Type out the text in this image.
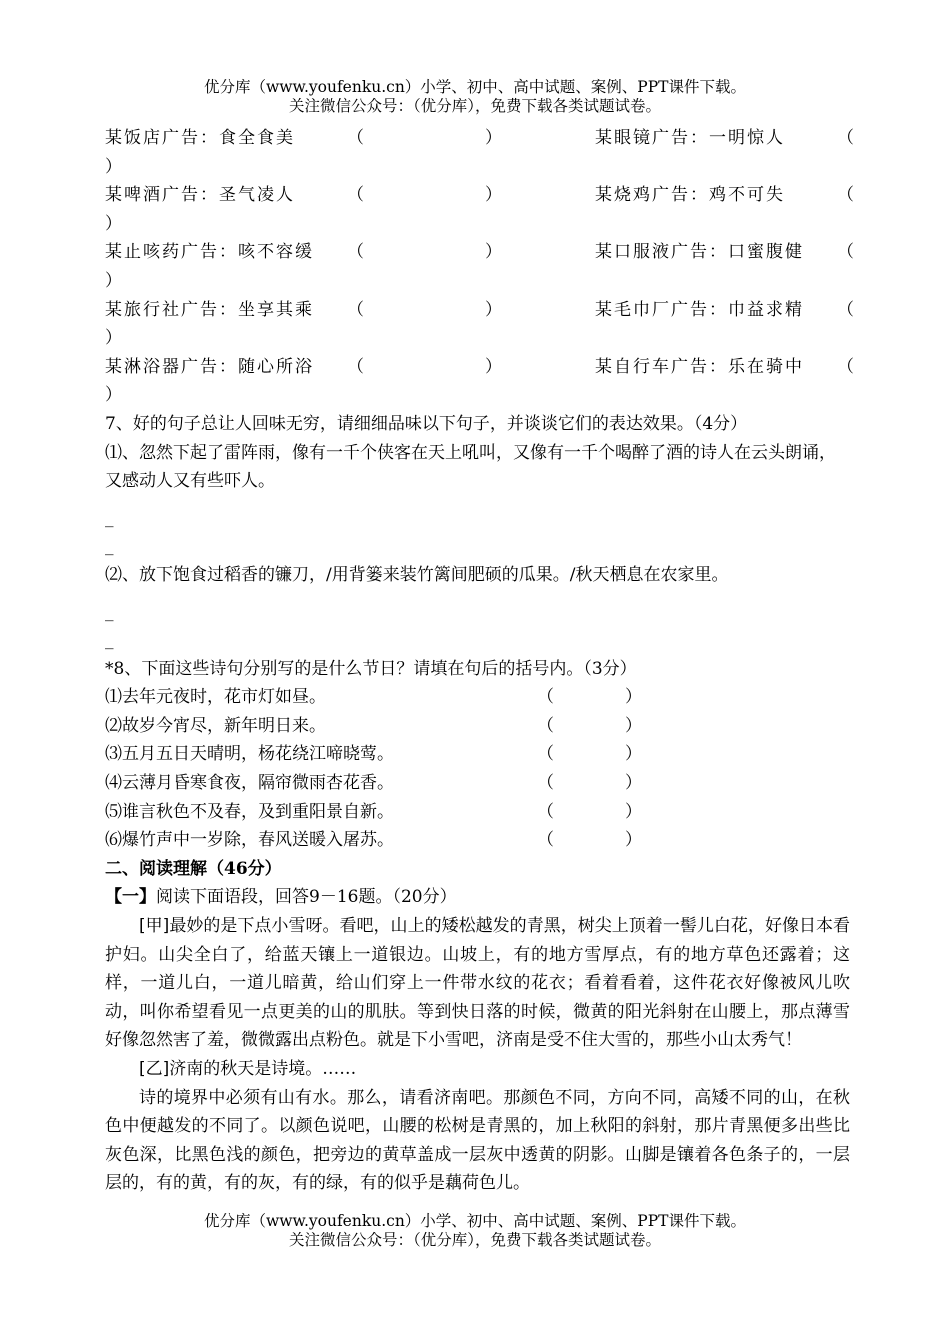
优分库（www.youfenku.cn）小学、初中、高中试题、案例、PPT课件下载。
关注微信公众号：（优分库），免费下载各类试题试卷。
某饭店广告：食全食美	（	）	某眼镜广告：一明惊人	（
）
某啤酒广告：圣气凌人	（	）	某烧鸡广告：鸡不可失	（
）
某止咳药广告：咳不容缓 （	）	某口服液广告：口蜜腹健 （
）
某旅行社广告：坐享其乘 （	）	某毛巾厂广告：巾益求精 （
）
某淋浴器广告：随心所浴 （	）	某自行车广告：乐在骑中 （
）
7、好的句子总让人回味无穷，请细细品味以下句子，并谈谈它们的表达效果。（4分）
⑴、忽然下起了雷阵雨，像有一千个侠客在天上吼叫，又像有一千个喝醉了酒的诗人在云头朗诵，又感动人又有些吓人。
_
_
⑵、放下饱食过稻香的镰刀，/用背篓来装竹篱间肥硕的瓜果。/秋天栖息在农家里。
_
_
*8、下面这些诗句分别写的是什么节日？请填在句后的括号内。（3分）
⑴去年元夜时，花市灯如昼。	（	）
⑵故岁今宵尽，新年明日来。	（	）
⑶五月五日天晴明，杨花绕江啼晓莺。	（	）
⑷云薄月昏寒食夜，隔帘微雨杏花香。	（	）
⑸谁言秋色不及春，及到重阳景自新。	（	）
⑹爆竹声中一岁除，春风送暖入屠苏。	（	）
二、阅读理解（46分）
【一】阅读下面语段，回答9－16题。（20分）
[甲]最妙的是下点小雪呀。看吧，山上的矮松越发的青黑，树尖上顶着一髻儿白花，好像日本看护妇。山尖全白了，给蓝天镶上一道银边。山坡上，有的地方雪厚点，有的地方草色还露着；这样，一道儿白，一道儿暗黄，给山们穿上一件带水纹的花衣；看着看着，这件花衣好像被风儿吹动，叫你希望看见一点更美的山的肌肤。等到快日落的时候，微黄的阳光斜射在山腰上，那点薄雪好像忽然害了羞，微微露出点粉色。就是下小雪吧，济南是受不住大雪的，那些小山太秀气！
[乙]济南的秋天是诗境。……
诗的境界中必须有山有水。那么，请看济南吧。那颜色不同，方向不同，高矮不同的山，在秋色中便越发的不同了。以颜色说吧，山腰的松树是青黑的，加上秋阳的斜射，那片青黑便多出些比灰色深，比黑色浅的颜色，把旁边的黄草盖成一层灰中透黄的阴影。山脚是镶着各色条子的，一层层的，有的黄，有的灰，有的绿，有的似乎是藕荷色儿。
优分库（www.youfenku.cn）小学、初中、高中试题、案例、PPT课件下载。
关注微信公众号：（优分库），免费下载各类试题试卷。
